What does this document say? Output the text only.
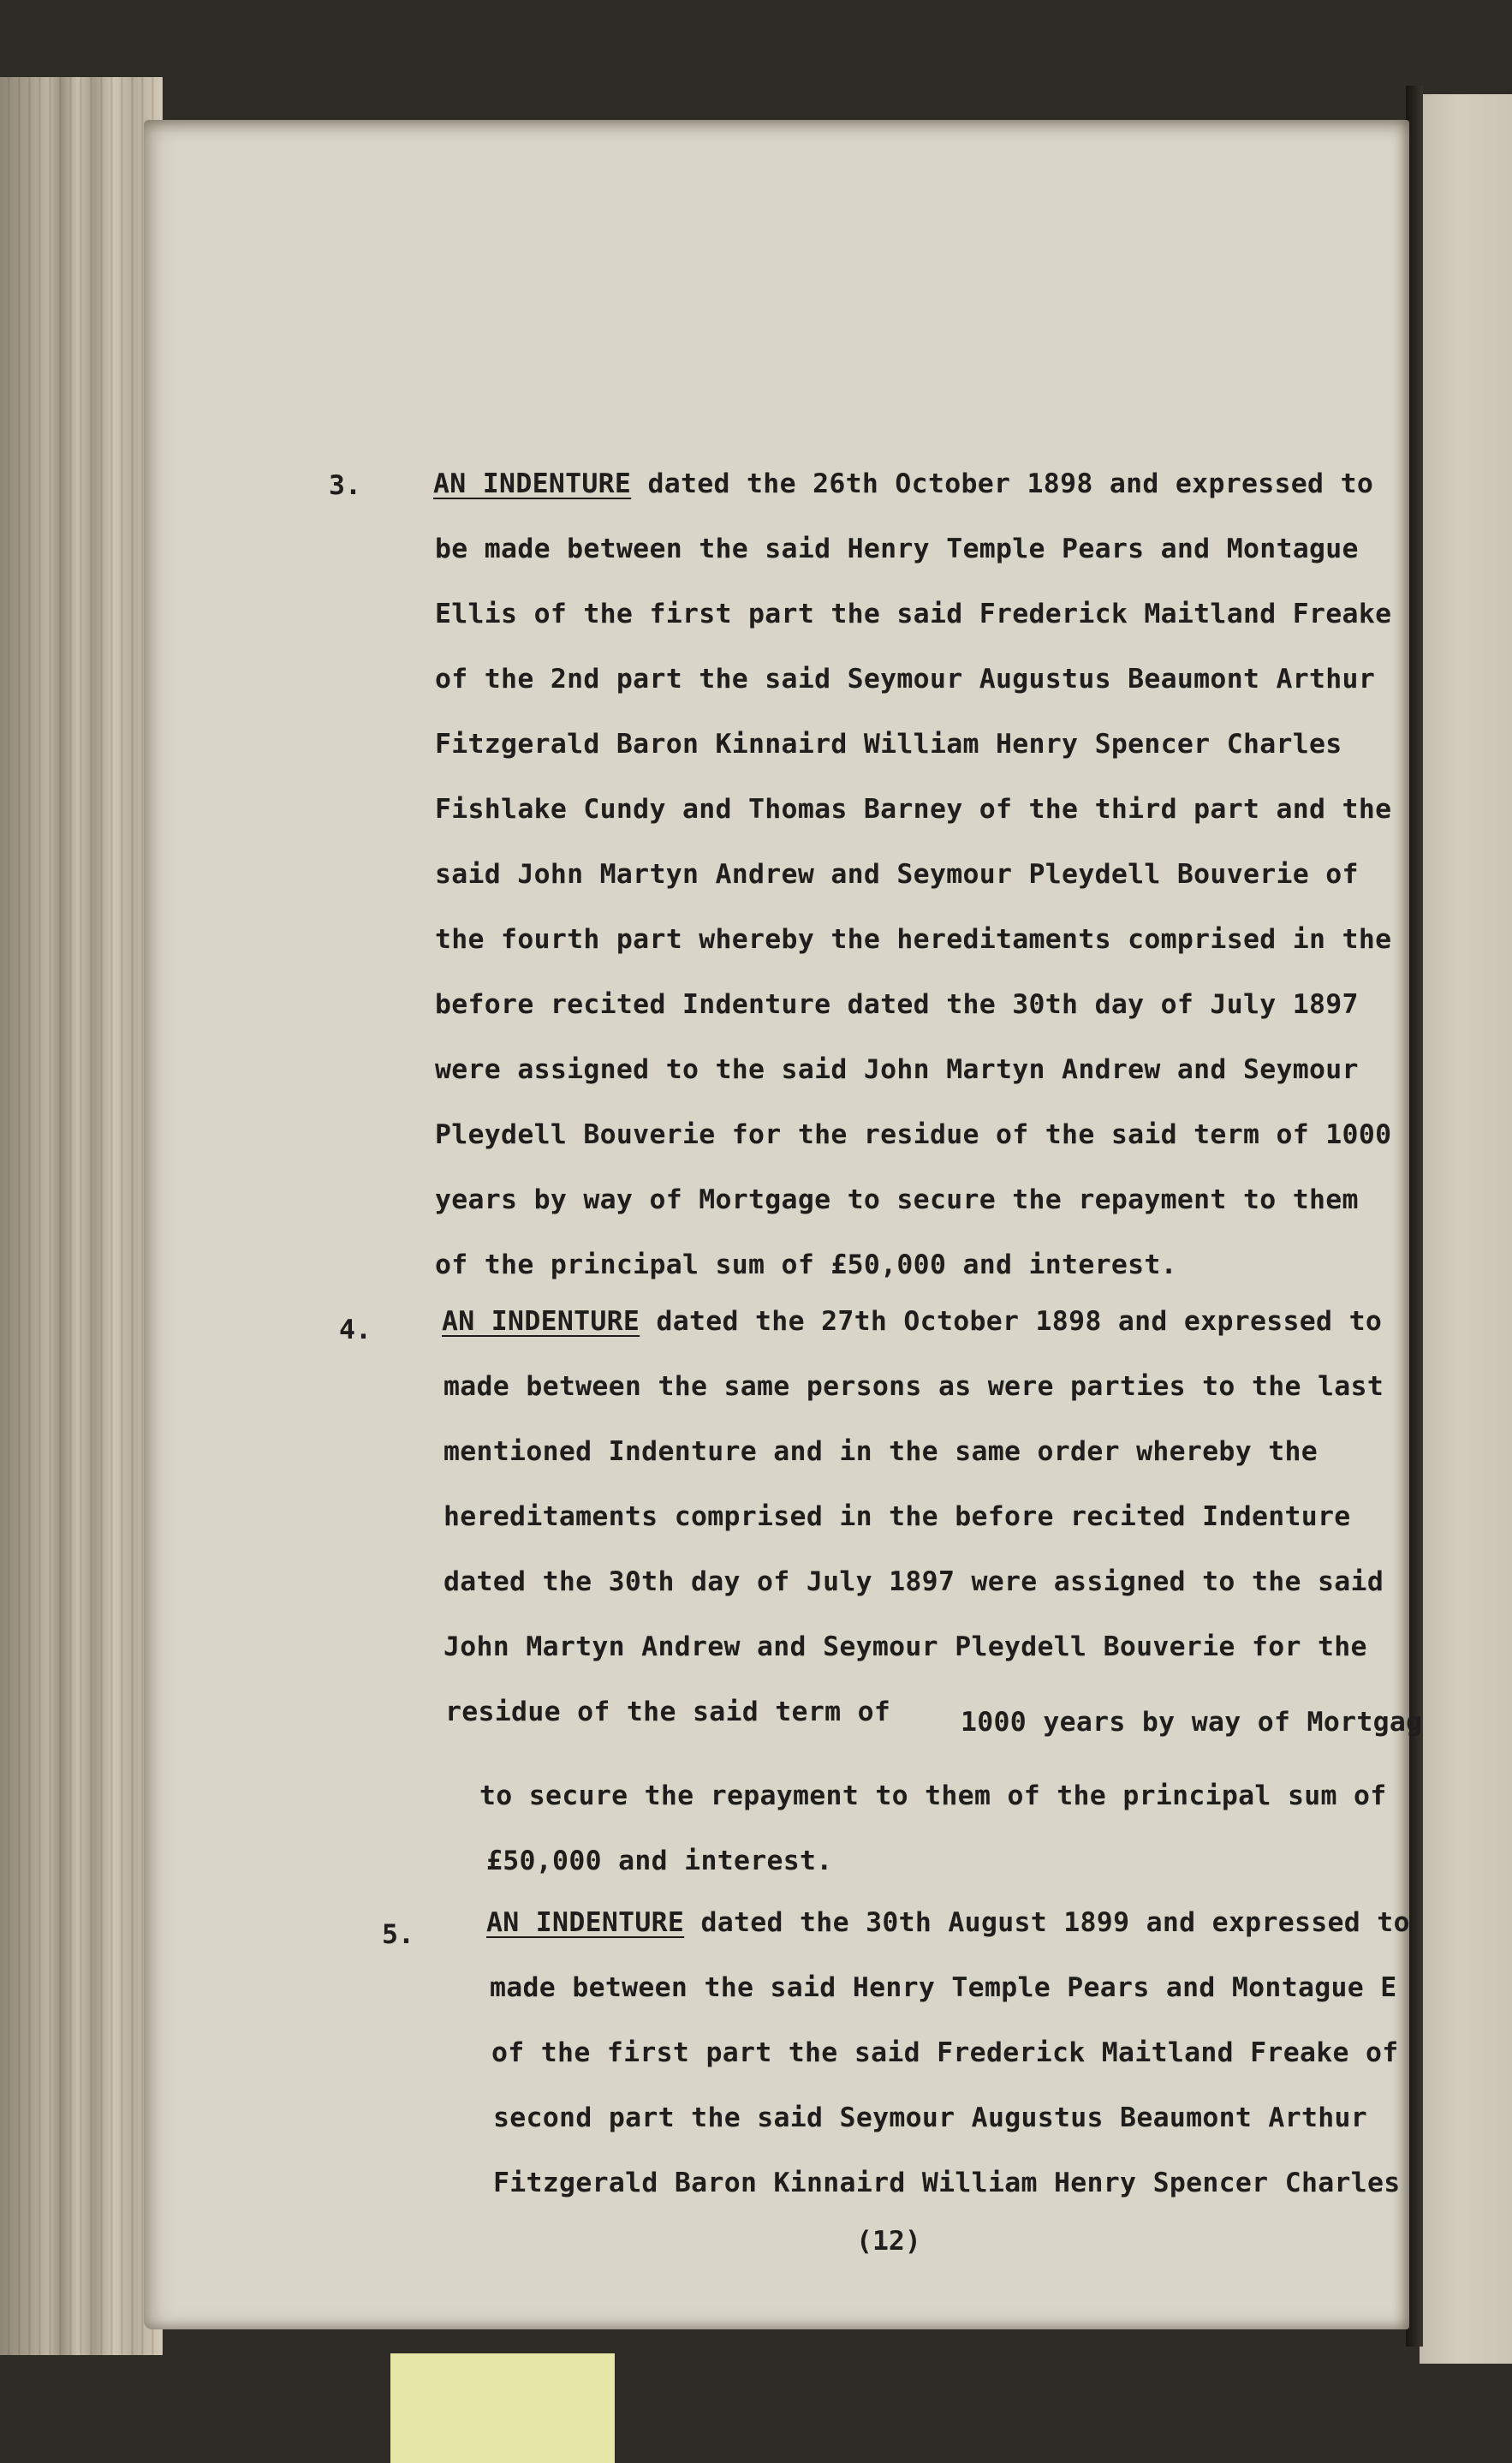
3.	AN INDENTURE dated the 26th October 1898 and expressed to

be made between the said Henry Temple Pears and Montague

Ellis of the first part the said Frederick Maitland Freake

of the 2nd part the said Seymour Augustus Beaumont Arthur

Fitzgerald Baron Kinnaird William Henry Spencer Charles

Fishlake Cundy and Thomas Barney of the third part and the

said John Martyn Andrew and Seymour Pleydell Bouverie of

the fourth part whereby the hereditaments comprised in the

before recited Indenture dated the 30th day of July 1897

were assigned to the said John Martyn Andrew and Seymour

Pleydell Bouverie for the residue of the said term of 1000

years by way of Mortgage to secure the repayment to them

of the principal sum of £50,000 and interest.

4.	AN INDENTURE dated the 27th October 1898 and expressed to

made between the same persons as were parties to the last

mentioned Indenture and in the same order whereby the

hereditaments comprised in the before recited Indenture

dated the 30th day of July 1897 were assigned to the said

John Martyn Andrew and Seymour Pleydell Bouverie for the

residue of the said term of	1000 years by way of Mortgag

to secure the repayment to them of the principal sum of

£50,000 and interest.

5.	AN INDENTURE dated the 30th August 1899 and expressed to

made between the said Henry Temple Pears and Montague E

of the first part the said Frederick Maitland Freake of

second part the said Seymour Augustus Beaumont Arthur

Fitzgerald Baron Kinnaird William Henry Spencer Charles

(12)
